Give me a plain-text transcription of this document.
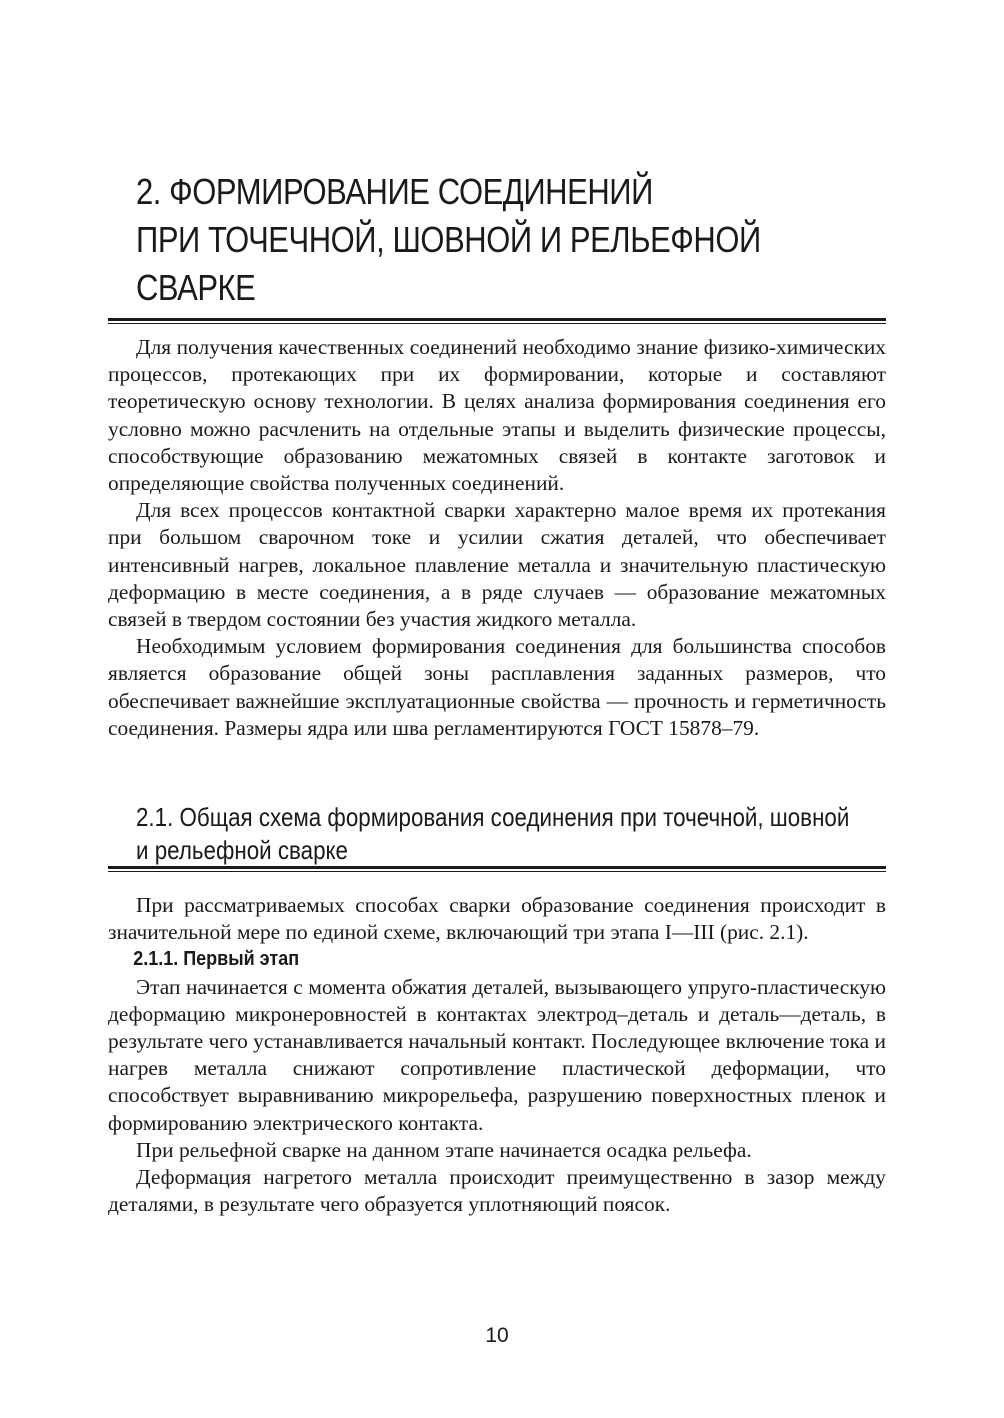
2. ФОРМИРОВАНИЕ СОЕДИНЕНИЙ
ПРИ ТОЧЕЧНОЙ, ШОВНОЙ И РЕЛЬЕФНОЙ
СВАРКЕ

Для получения качественных соединений необходимо знание физико-химических процессов, протекающих при их формировании, которые и составляют теоретическую основу технологии. В целях анализа формирования соединения его условно можно расчленить на отдельные этапы и выделить физические процессы, способствующие образованию межатомных связей в контакте заготовок и определяющие свойства полученных соединений.

Для всех процессов контактной сварки характерно малое время их протекания при большом сварочном токе и усилии сжатия деталей, что обеспечивает интенсивный нагрев, локальное плавление металла и значительную пластическую деформацию в месте соединения, а в ряде случаев — образование межатомных связей в твердом состоянии без участия жидкого металла.

Необходимым условием формирования соединения для большинства способов является образование общей зоны расплавления заданных размеров, что обеспечивает важнейшие эксплуатационные свойства — прочность и герметичность соединения. Размеры ядра или шва регламентируются ГОСТ 15878–79.

2.1. Общая схема формирования соединения при точечной, шовной
и рельефной сварке

При рассматриваемых способах сварки образование соединения происходит в значительной мере по единой схеме, включающий три этапа I—III (рис. 2.1).

2.1.1. Первый этап

Этап начинается с момента обжатия деталей, вызывающего упруго-пластическую деформацию микронеровностей в контактах электрод–деталь и деталь—деталь, в результате чего устанавливается начальный контакт. Последующее включение тока и нагрев металла снижают сопротивление пластической деформации, что способствует выравниванию микрорельефа, разрушению поверхностных пленок и формированию электрического контакта.

При рельефной сварке на данном этапе начинается осадка рельефа.

Деформация нагретого металла происходит преимущественно в зазор между деталями, в результате чего образуется уплотняющий поясок.

10
